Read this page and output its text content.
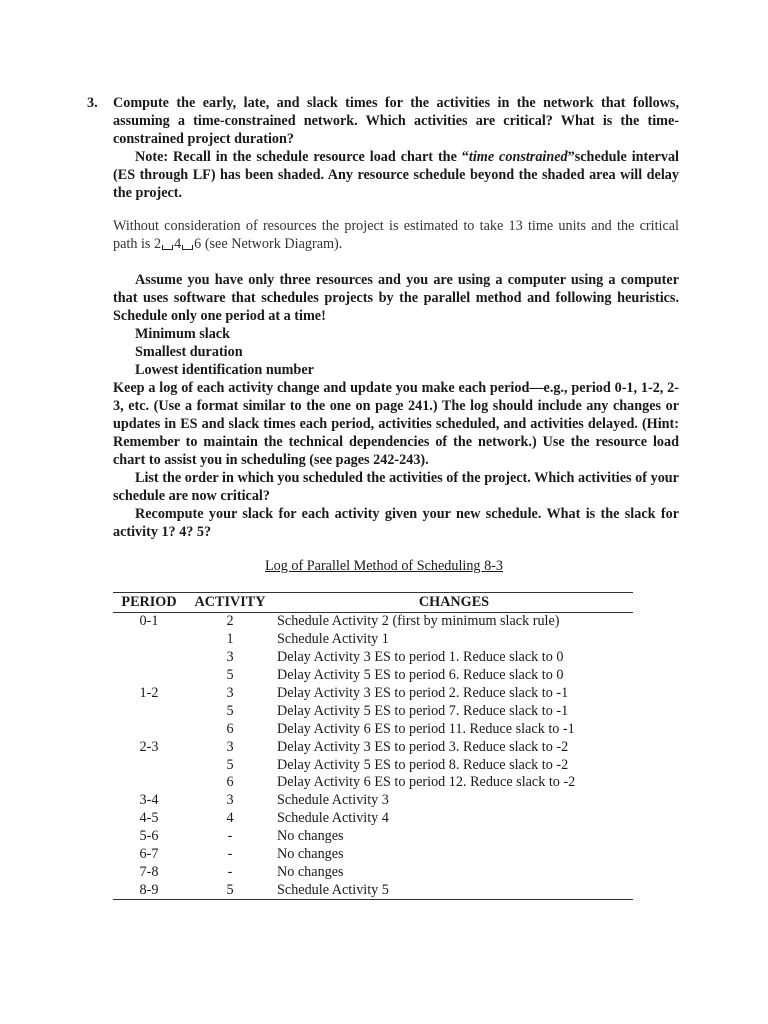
3. Compute the early, late, and slack times for the activities in the network that follows, assuming a time-constrained network. Which activities are critical? What is the time-constrained project duration?
Note: Recall in the schedule resource load chart the “time constrained”schedule interval (ES through LF) has been shaded. Any resource schedule beyond the shaded area will delay the project.
Without consideration of resources the project is estimated to take 13 time units and the critical path is 2 4 6 (see Network Diagram).
Assume you have only three resources and you are using a computer using a computer that uses software that schedules projects by the parallel method and following heuristics. Schedule only one period at a time!
Minimum slack
Smallest duration
Lowest identification number
Keep a log of each activity change and update you make each period—e.g., period 0-1, 1-2, 2-3, etc. (Use a format similar to the one on page 241.) The log should include any changes or updates in ES and slack times each period, activities scheduled, and activities delayed. (Hint: Remember to maintain the technical dependencies of the network.) Use the resource load chart to assist you in scheduling (see pages 242-243).
List the order in which you scheduled the activities of the project. Which activities of your schedule are now critical?
Recompute your slack for each activity given your new schedule. What is the slack for activity 1? 4? 5?
Log of Parallel Method of Scheduling 8-3
PERIOD	ACTIVITY	CHANGES
0-1	2	Schedule Activity 2 (first by minimum slack rule)
	1	Schedule Activity 1
	3	Delay Activity 3 ES to period 1. Reduce slack to 0
	5	Delay Activity 5 ES to period 6. Reduce slack to 0
1-2	3	Delay Activity 3 ES to period 2. Reduce slack to -1
	5	Delay Activity 5 ES to period 7. Reduce slack to -1
	6	Delay Activity 6 ES to period 11. Reduce slack to -1
2-3	3	Delay Activity 3 ES to period 3. Reduce slack to -2
	5	Delay Activity 5 ES to period 8. Reduce slack to -2
	6	Delay Activity 6 ES to period 12. Reduce slack to -2
3-4	3	Schedule Activity 3
4-5	4	Schedule Activity 4
5-6	-	No changes
6-7	-	No changes
7-8	-	No changes
8-9	5	Schedule Activity 5
